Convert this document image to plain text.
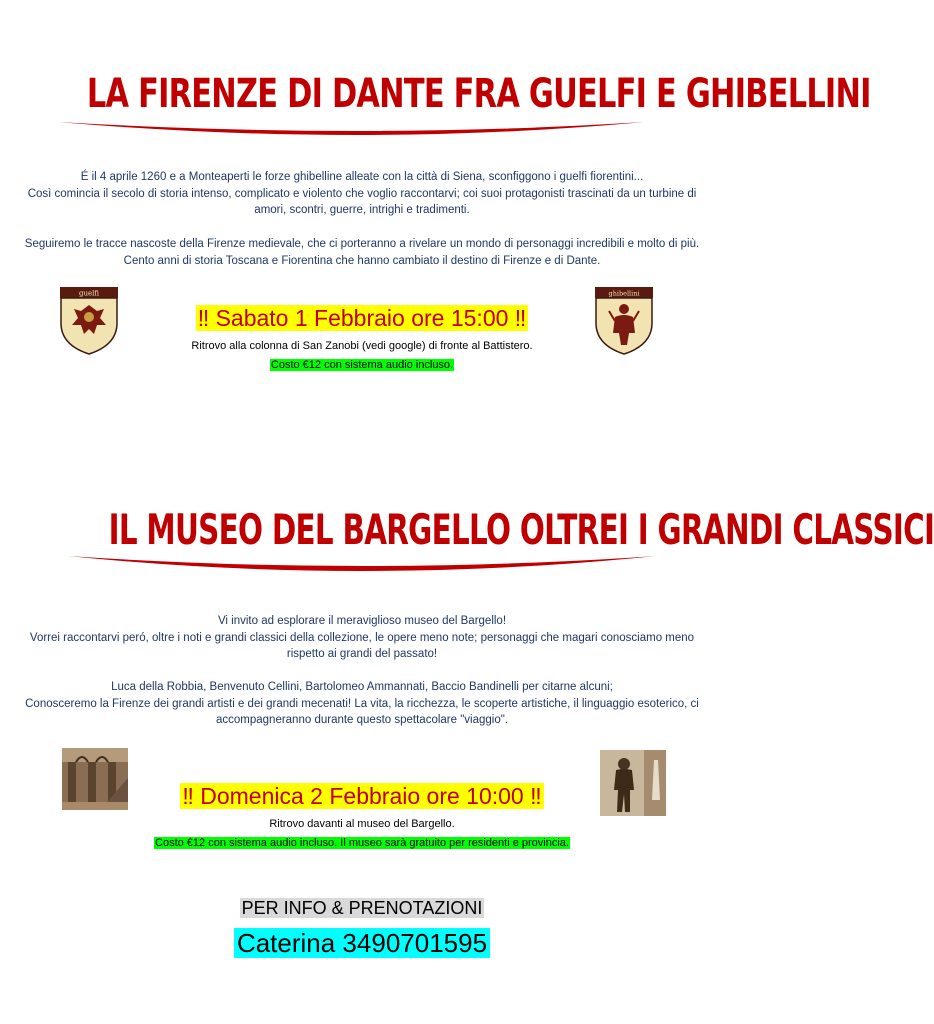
LA FIRENZE DI DANTE FRA GUELFI E GHIBELLINI

É il 4 aprile 1260 e a Monteaperti le forze ghibelline alleate con la città di Siena, sconfiggono i guelfi fiorentini...
Così comincia il secolo di storia intenso, complicato e violento che voglio raccontarvi; coi suoi protagonisti trascinati da un turbine di amori, scontri, guerre, intrighi e tradimenti.

Seguiremo le tracce nascoste della Firenze medievale, che ci porteranno a rivelare un mondo di personaggi incredibili e molto di più. Cento anni di storia Toscana e Fiorentina che hanno cambiato il destino di Firenze e di Dante.

guelfi	ghibellini
‼ Sabato 1 Febbraio ore 15:00 ‼
Ritrovo alla colonna di San Zanobi (vedi google) di fronte al Battistero.
Costo €12 con sistema audio incluso.
IL MUSEO DEL BARGELLO OLTREI I GRANDI CLASSICI

Vi invito ad esplorare il meraviglioso museo del Bargello!
Vorrei raccontarvi peró, oltre i noti e grandi classici della collezione, le opere meno note; personaggi che magari conosciamo meno rispetto ai grandi del passato!

Luca della Robbia, Benvenuto Cellini, Bartolomeo Ammannati, Baccio Bandinelli per citarne alcuni;
Conosceremo la Firenze dei grandi artisti e dei grandi mecenati! La vita, la ricchezza, le scoperte artistiche, il linguaggio esoterico, ci accompagneranno durante questo spettacolare "viaggio".

‼ Domenica 2 Febbraio ore 10:00 ‼
Ritrovo davanti al museo del Bargello.
Costo €12 con sistema audio incluso. Il museo sarà gratuito per residenti e provincia.
PER INFO & PRENOTAZIONI
Caterina 3490701595
